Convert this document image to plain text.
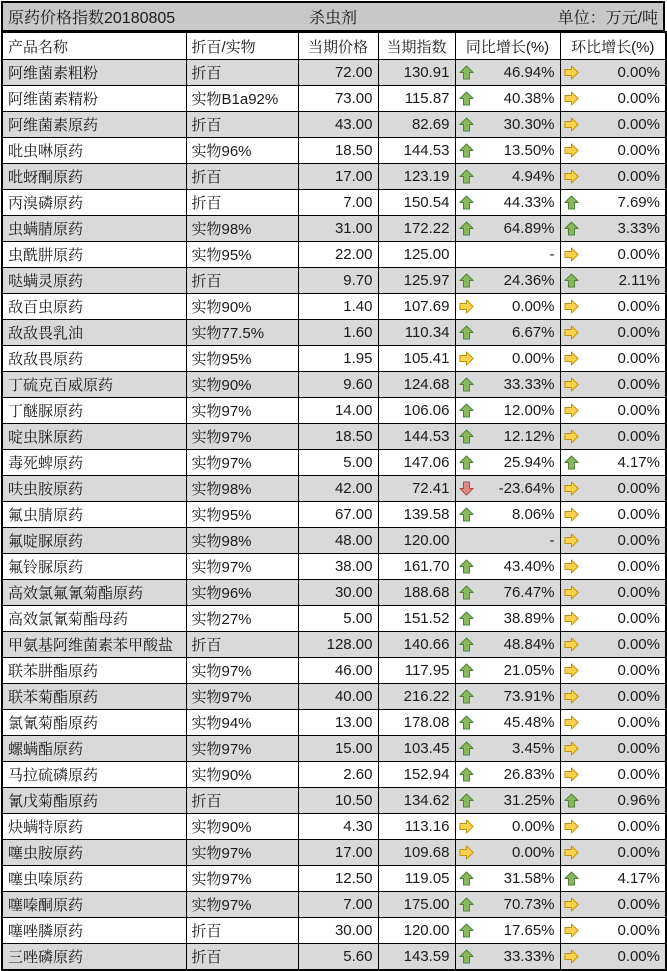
原药价格指数20180805	杀虫剂	单位：万元/吨
产品名称	折百/实物	当期价格	当期指数	同比增长(%)	环比增长(%)
阿维菌素粗粉	折百	72.00	130.91	46.94%	0.00%

阿维菌素精粉	实物B1a92%	73.00	115.87	40.38%	0.00%

阿维菌素原药	折百	43.00	82.69	30.30%	0.00%

吡虫啉原药	实物96%	18.50	144.53	13.50%	0.00%

吡蚜酮原药	折百	17.00	123.19	4.94%	0.00%

丙溴磷原药	折百	7.00	150.54	44.33%	7.69%

虫螨腈原药	实物98%	31.00	172.22	64.89%	3.33%

虫酰肼原药	实物95%	22.00	125.00	-	0.00%

哒螨灵原药	折百	9.70	125.97	24.36%	2.11%

敌百虫原药	实物90%	1.40	107.69	0.00%	0.00%

敌敌畏乳油	实物77.5%	1.60	110.34	6.67%	0.00%

敌敌畏原药	实物95%	1.95	105.41	0.00%	0.00%

丁硫克百威原药	实物90%	9.60	124.68	33.33%	0.00%

丁醚脲原药	实物97%	14.00	106.06	12.00%	0.00%

啶虫脒原药	实物97%	18.50	144.53	12.12%	0.00%

毒死蜱原药	实物97%	5.00	147.06	25.94%	4.17%

呋虫胺原药	实物98%	42.00	72.41	-23.64%	0.00%

氟虫腈原药	实物95%	67.00	139.58	8.06%	0.00%

氟啶脲原药	实物98%	48.00	120.00	-	0.00%

氟铃脲原药	实物97%	38.00	161.70	43.40%	0.00%

高效氯氟氰菊酯原药	实物96%	30.00	188.68	76.47%	0.00%

高效氯氰菊酯母药	实物27%	5.00	151.52	38.89%	0.00%

甲氨基阿维菌素苯甲酸盐	折百	128.00	140.66	48.84%	0.00%

联苯肼酯原药	实物97%	46.00	117.95	21.05%	0.00%

联苯菊酯原药	实物97%	40.00	216.22	73.91%	0.00%

氯氰菊酯原药	实物94%	13.00	178.08	45.48%	0.00%

螺螨酯原药	实物97%	15.00	103.45	3.45%	0.00%

马拉硫磷原药	实物90%	2.60	152.94	26.83%	0.00%

氰戊菊酯原药	折百	10.50	134.62	31.25%	0.96%

炔螨特原药	实物90%	4.30	113.16	0.00%	0.00%

噻虫胺原药	实物97%	17.00	109.68	0.00%	0.00%

噻虫嗪原药	实物97%	12.50	119.05	31.58%	4.17%

噻嗪酮原药	实物97%	7.00	175.00	70.73%	0.00%

噻唑膦原药	折百	30.00	120.00	17.65%	0.00%

三唑磷原药	折百	5.60	143.59	33.33%	0.00%
